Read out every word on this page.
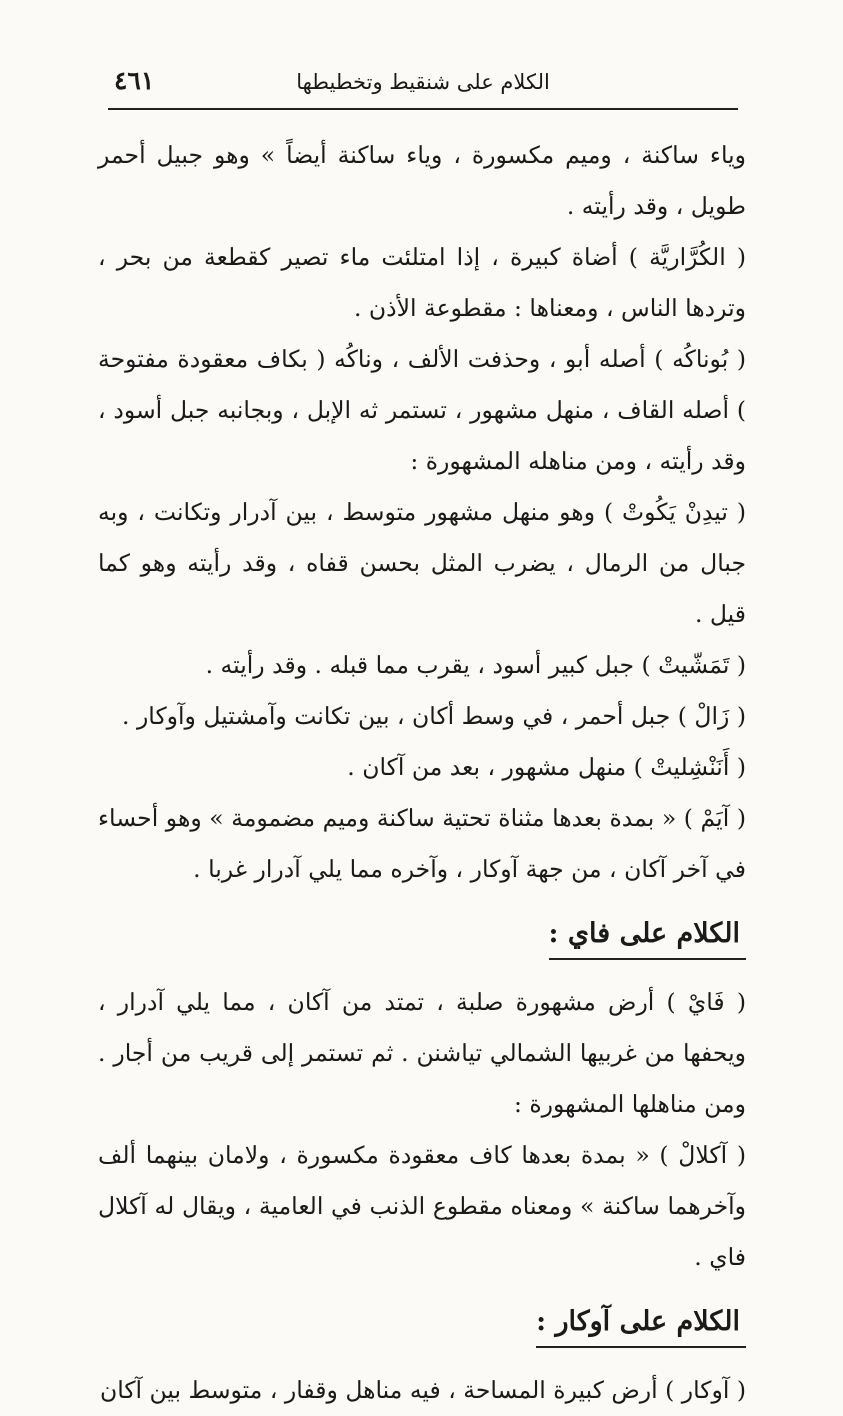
الكلام على شنقيط وتخطيطها
٤٦١

وياء ساكنة ، وميم مكسورة ، وياء ساكنة أيضاً » وهو جبيل أحمر طويل ، وقد رأيته .

( الكُرَّاريَّة ) أضاة كبيرة ، إذا امتلئت ماء تصير كقطعة من بحر ، وتردها الناس ، ومعناها : مقطوعة الأذن .

( بُوناكُه ) أصله أبو ، وحذفت الألف ، وناكُه ( بكاف معقودة مفتوحة ) أصله القاف ، منهل مشهور ، تستمر ثه الإبل ، وبجانبه جبل أسود ، وقد رأيته ، ومن مناهله المشهورة :

( تيدِنْ يَكُوتْ ) وهو منهل مشهور متوسط ، بين آدرار وتكانت ، وبه جبال من الرمال ، يضرب المثل بحسن قفاه ، وقد رأيته وهو كما قيل .

( تَمَشّيتْ ) جبل كبير أسود ، يقرب مما قبله . وقد رأيته .

( زَالْ ) جبل أحمر ، في وسط أكان ، بين تكانت وآمشتيل وآوكار .

( أَنَنْشِليتْ ) منهل مشهور ، بعد من آكان .

( آيَمْ ) « بمدة بعدها مثناة تحتية ساكنة وميم مضمومة » وهو أحساء في آخر آكان ، من جهة آوكار ، وآخره مما يلي آدرار غربا .

الكلام على فاي :

( فَايْ ) أرض مشهورة صلبة ، تمتد من آكان ، مما يلي آدرار ، ويحفها من غربيها الشمالي تياشنن . ثم تستمر إلى قريب من أجار . ومن مناهلها المشهورة :

( آكلالْ ) « بمدة بعدها كاف معقودة مكسورة ، ولامان بينهما ألف وآخرهما ساكنة » ومعناه مقطوع الذنب في العامية ، ويقال له آكلال فاي .

الكلام على آوكار :

( آوكار ) أرض كبيرة المساحة ، فيه مناهل وقفار ، متوسط بين آكان
